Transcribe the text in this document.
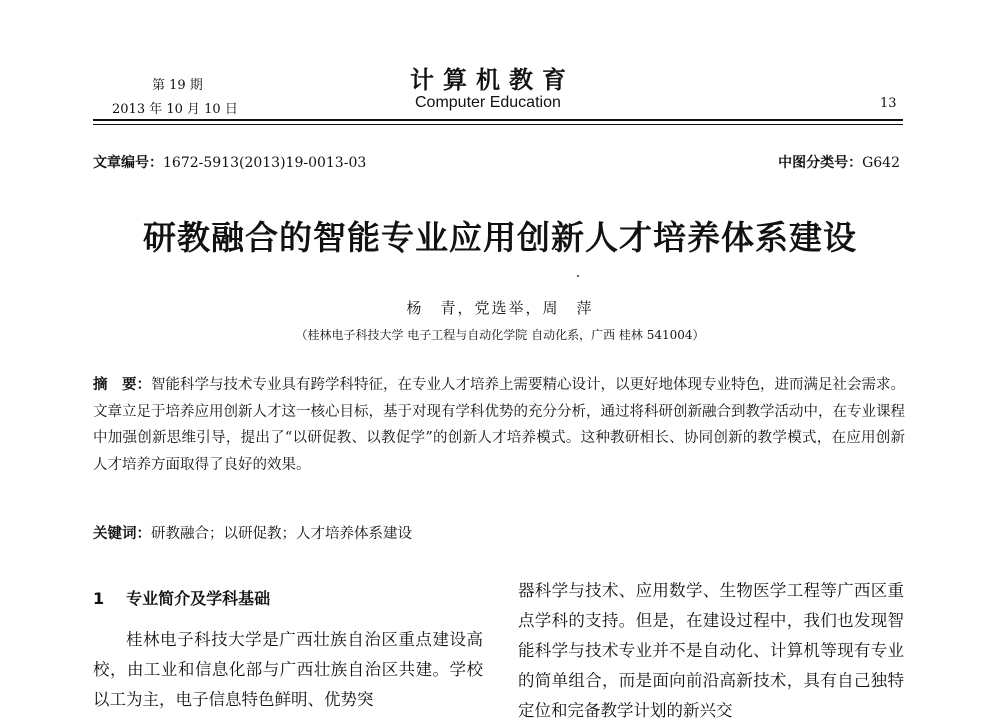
第 19 期
2013 年 10 月 10 日
计算机教育
Computer Education	13
文章编号：1672-5913(2013)19-0013-03	中图分类号：G642
研教融合的智能专业应用创新人才培养体系建设
杨　青，党选举，周　萍
（桂林电子科技大学 电子工程与自动化学院 自动化系，广西 桂林 541004）
摘　要：智能科学与技术专业具有跨学科特征，在专业人才培养上需要精心设计，以更好地体现专业特色，进而满足社会需求。文章立足于培养应用创新人才这一核心目标，基于对现有学科优势的充分分析，通过将科研创新融合到教学活动中，在专业课程中加强创新思维引导，提出了“以研促教、以教促学”的创新人才培养模式。这种教研相长、协同创新的教学模式，在应用创新人才培养方面取得了良好的效果。
关键词：研教融合；以研促教；人才培养体系建设
1 专业简介及学科基础
桂林电子科技大学是广西壮族自治区重点建设高校，由工业和信息化部与广西壮族自治区共建。学校以工为主，电子信息特色鲜明、优势突
器科学与技术、应用数学、生物医学工程等广西区重点学科的支持。但是，在建设过程中，我们也发现智能科学与技术专业并不是自动化、计算机等现有专业的简单组合，而是面向前沿高新技术，具有自己独特定位和完备教学计划的新兴交
